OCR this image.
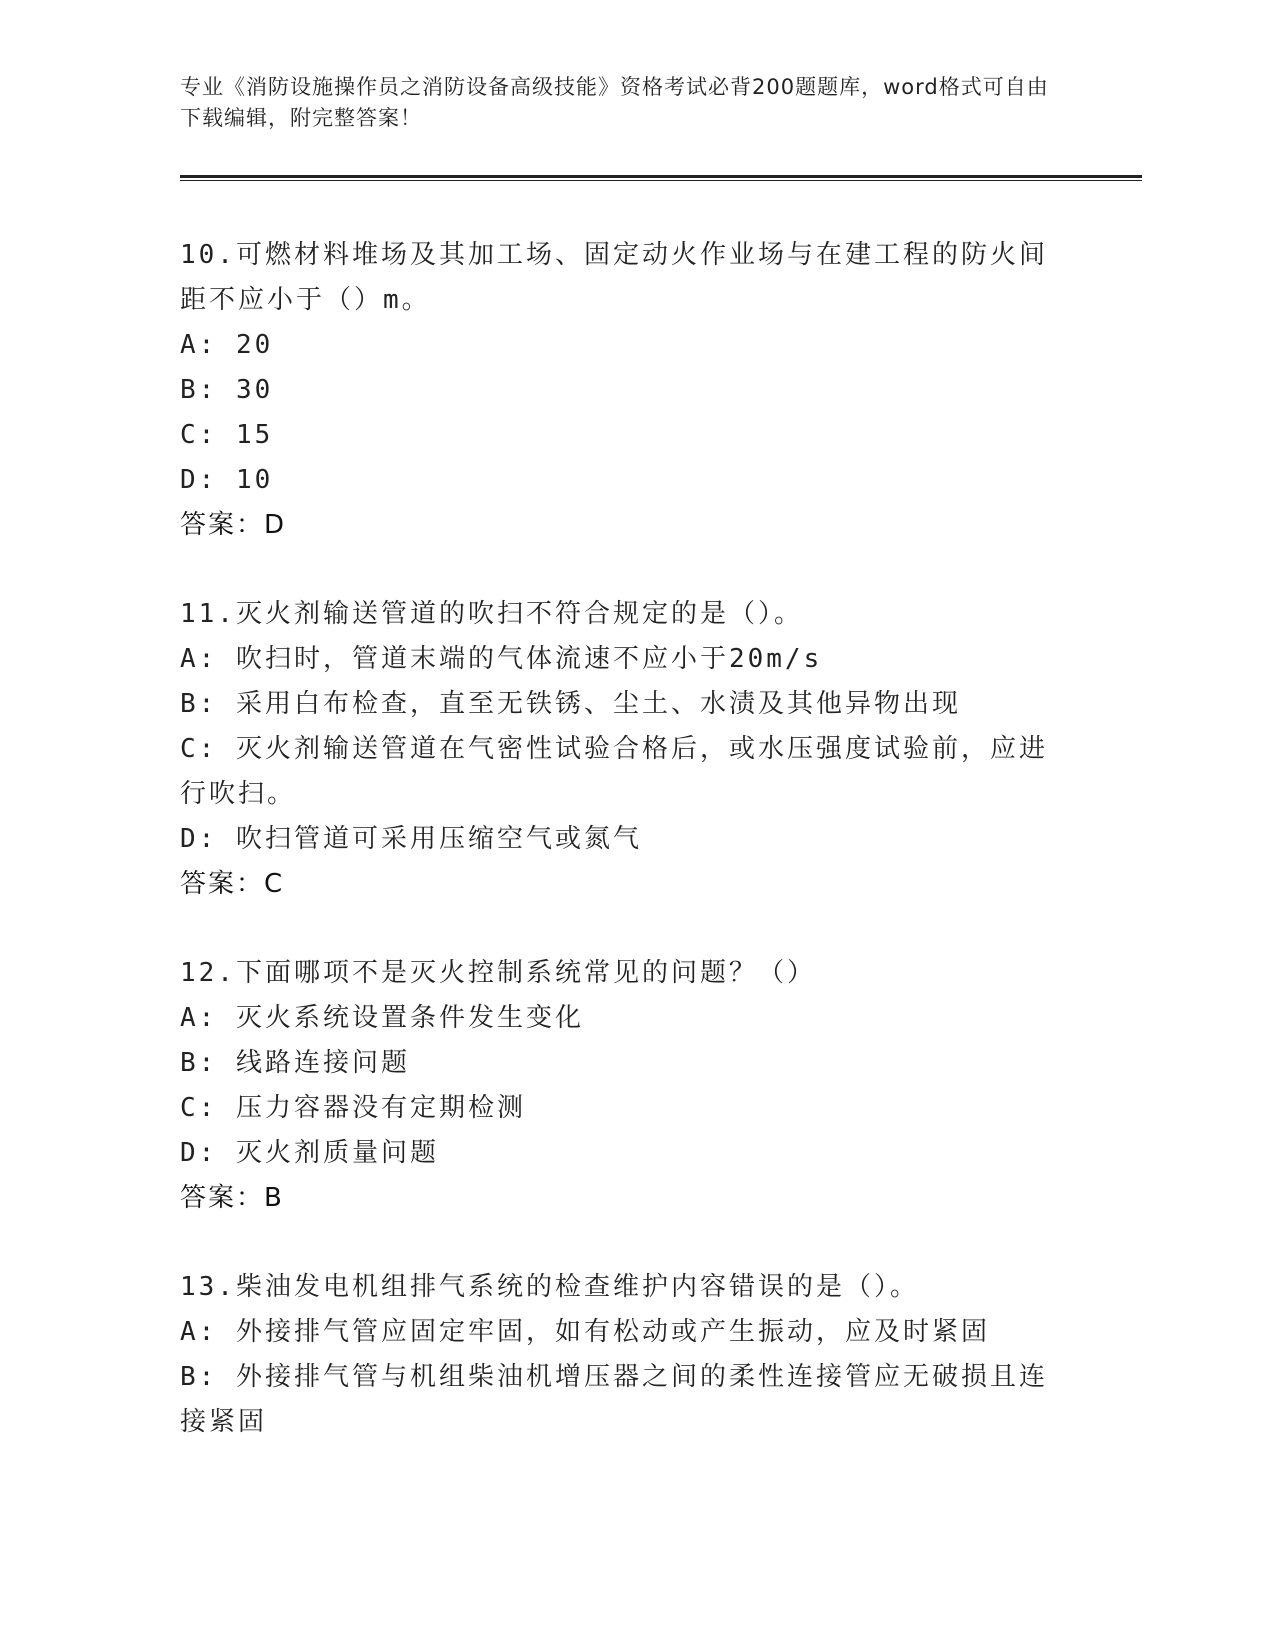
专业《消防设施操作员之消防设备高级技能》资格考试必背200题题库，word格式可自由下载编辑，附完整答案！
10.可燃材料堆场及其加工场、固定动火作业场与在建工程的防火间距不应小于（）m。
A: 20
B: 30
C: 15
D: 10
答案：D
11.灭火剂输送管道的吹扫不符合规定的是（）。
A: 吹扫时，管道末端的气体流速不应小于20m/s
B: 采用白布检查，直至无铁锈、尘土、水渍及其他异物出现
C: 灭火剂输送管道在气密性试验合格后，或水压强度试验前，应进行吹扫。
D: 吹扫管道可采用压缩空气或氮气
答案：C
12.下面哪项不是灭火控制系统常见的问题？（）
A: 灭火系统设置条件发生变化
B: 线路连接问题
C: 压力容器没有定期检测
D: 灭火剂质量问题
答案：B
13.柴油发电机组排气系统的检查维护内容错误的是（）。
A: 外接排气管应固定牢固，如有松动或产生振动，应及时紧固
B: 外接排气管与机组柴油机增压器之间的柔性连接管应无破损且连接紧固
